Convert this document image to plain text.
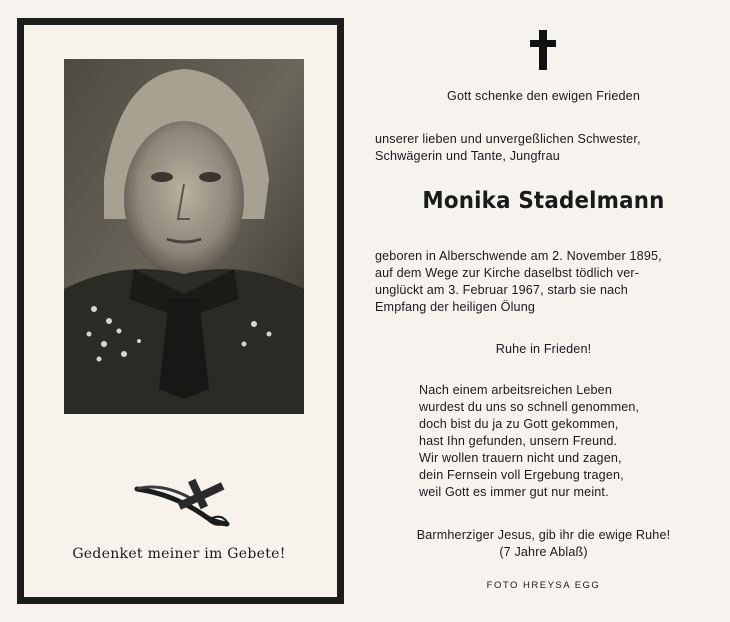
Gedenket meiner im Gebete!
Gott schenke den ewigen Frieden
unserer lieben und unvergeßlichen Schwester,
Schwägerin und Tante, Jungfrau
Monika Stadelmann
geboren in Alberschwende am 2. November 1895,
auf dem Wege zur Kirche daselbst tödlich ver-
unglückt am 3. Februar 1967, starb sie nach
Empfang der heiligen Ölung
Ruhe in Frieden!
Nach einem arbeitsreichen Leben
wurdest du uns so schnell genommen,
doch bist du ja zu Gott gekommen,
hast Ihn gefunden, unsern Freund.
Wir wollen trauern nicht und zagen,
dein Fernsein voll Ergebung tragen,
weil Gott es immer gut nur meint.
Barmherziger Jesus, gib ihr die ewige Ruhe!
(7 Jahre Ablaß)
FOTO HREYSA EGG
